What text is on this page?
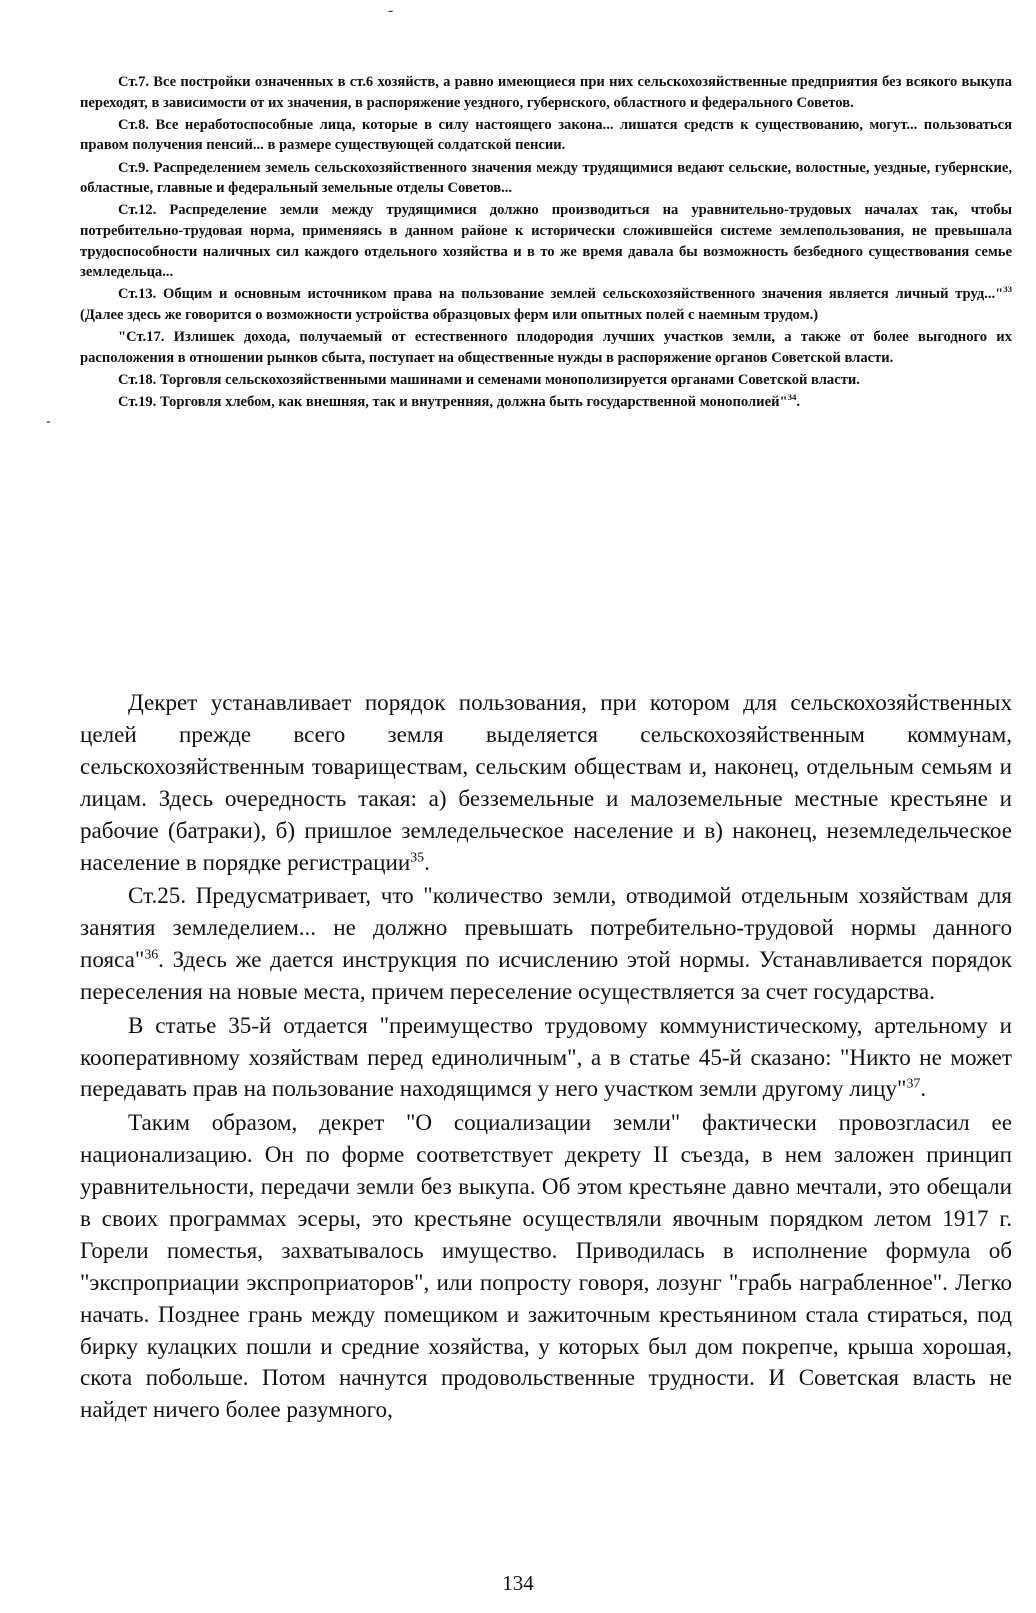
-
-

Ст.7. Все постройки означенных в ст.6 хозяйств, а равно имеющиеся при них сельскохозяйственные предприятия без всякого выкупа переходят, в зависимости от их значения, в распоряжение уездного, губернского, областного и федерального Советов.

Ст.8. Все неработоспособные лица, которые в силу настоящего закона... лишатся средств к существованию, могут... пользоваться правом получения пенсий... в размере существующей солдатской пенсии.

Ст.9. Распределением земель сельскохозяйственного значения между трудящимися ведают сельские, волостные, уездные, губернские, областные, главные и федеральный земельные отделы Советов...

Ст.12. Распределение земли между трудящимися должно производиться на уравнительно-трудовых началах так, чтобы потребительно-трудовая норма, применяясь в данном районе к исторически сложившейся системе землепользования, не превышала трудоспособности наличных сил каждого отдельного хозяйства и в то же время давала бы возможность безбедного существования семье земледельца...

Ст.13. Общим и основным источником права на пользование землей сельскохозяйственного значения является личный труд..."$^{33}$ (Далее здесь же говорится о возможности устройства образцовых ферм или опытных полей с наемным трудом.)

"Ст.17. Излишек дохода, получаемый от естественного плодородия лучших участков земли, а также от более выгодного их расположения в отношении рынков сбыта, поступает на общественные нужды в распоряжение органов Советской власти.

Ст.18. Торговля сельскохозяйственными машинами и семенами монополизируется органами Советской власти.

Ст.19. Торговля хлебом, как внешняя, так и внутренняя, должна быть государственной монополией"$^{34}$.

Декрет устанавливает порядок пользования, при котором для сельскохозяйственных целей прежде всего земля выделяется сельскохозяйственным коммунам, сельскохозяйственным товариществам, сельским обществам и, наконец, отдельным семьям и лицам. Здесь очередность такая: а) безземельные и малоземельные местные крестьяне и рабочие (батраки), б) пришлое земледельческое население и в) наконец, неземледельческое население в порядке регистрации$^{35}$.

Ст.25. Предусматривает, что "количество земли, отводимой отдельным хозяйствам для занятия земледелием... не должно превышать потребительно-трудовой нормы данного пояса"$^{36}$. Здесь же дается инструкция по исчислению этой нормы. Устанавливается порядок переселения на новые места, причем переселение осуществляется за счет государства.

В статье 35-й отдается "преимущество трудовому коммунистическому, артельному и кооперативному хозяйствам перед единоличным", а в статье 45-й сказано: "Никто не может передавать прав на пользование находящимся у него участком земли другому лицу"$^{37}$.

Таким образом, декрет "О социализации земли" фактически провозгласил ее национализацию. Он по форме соответствует декрету II съезда, в нем заложен принцип уравнительности, передачи земли без выкупа. Об этом крестьяне давно мечтали, это обещали в своих программах эсеры, это крестьяне осуществляли явочным порядком летом 1917 г. Горели поместья, захватывалось имущество. Приводилась в исполнение формула об "экспроприации экспроприаторов", или попросту говоря, лозунг "грабь награбленное". Легко начать. Позднее грань между помещиком и зажиточным крестьянином стала стираться, под бирку кулацких пошли и средние хозяйства, у которых был дом покрепче, крыша хорошая, скота побольше. Потом начнутся продовольственные трудности. И Советская власть не найдет ничего более разумного,

134
